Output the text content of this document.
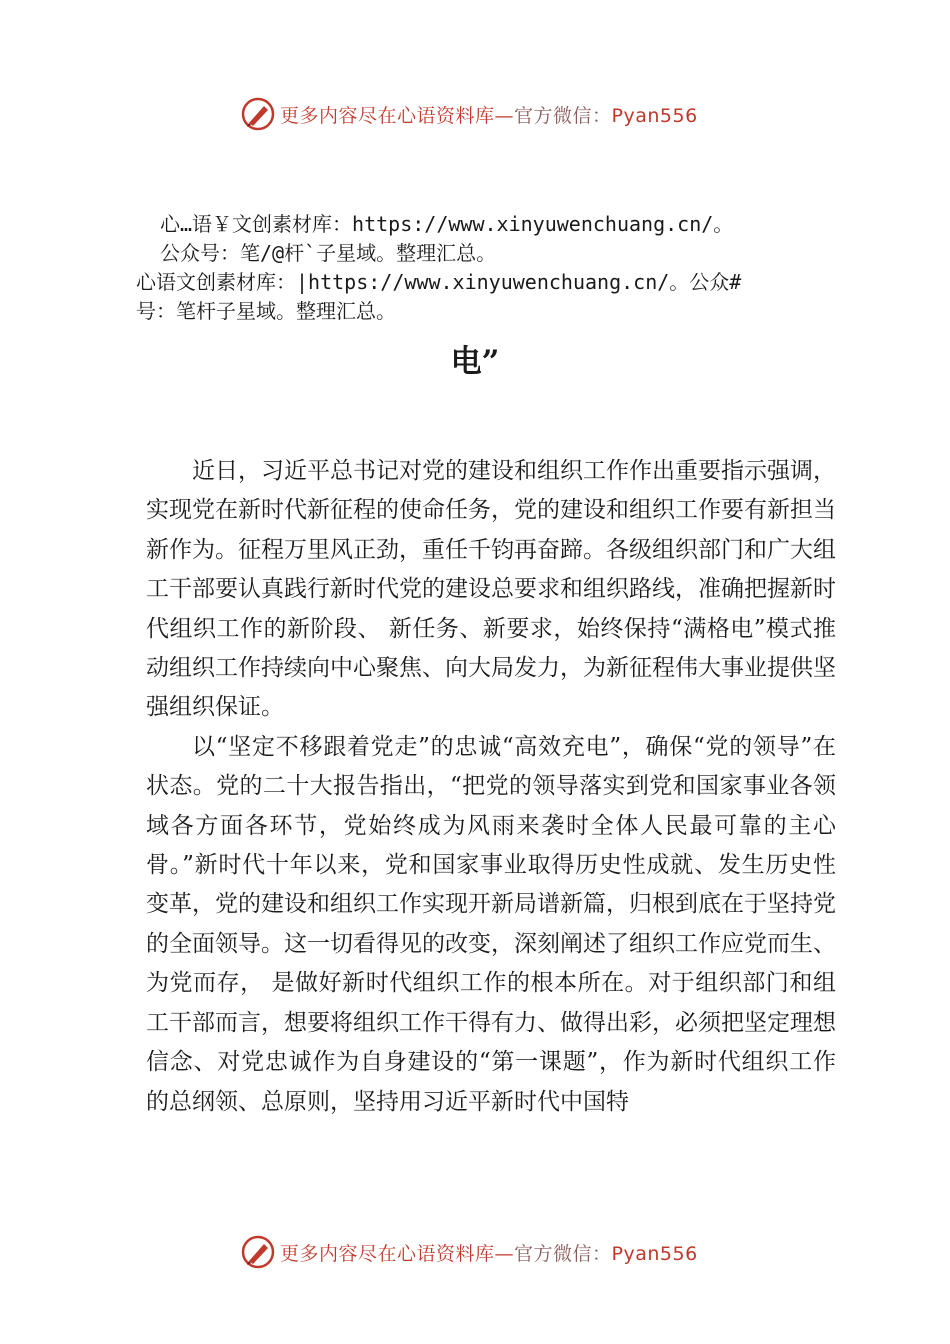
更多内容尽在心语资料库—官方微信：Pyan556
心…语￥文创素材库：https://www.xinyuwenchuang.cn/。
公众号：笔/@杆`子星域。整理汇总。
心语文创素材库：|https://www.xinyuwenchuang.cn/。公众#
号：笔杆子星域。整理汇总。
电”

近日，习近平总书记对党的建设和组织工作作出重要指示强调，实现党在新时代新征程的使命任务，党的建设和组织工作要有新担当新作为。征程万里风正劲，重任千钧再奋蹄。各级组织部门和广大组工干部要认真践行新时代党的建设总要求和组织路线，准确把握新时代组织工作的新阶段、 新任务、新要求，始终保持“满格电”模式推动组织工作持续向中心聚焦、向大局发力，为新征程伟大事业提供坚强组织保证。

以“坚定不移跟着党走”的忠诚“高效充电”，确保“党的领导”在状态。党的二十大报告指出，“把党的领导落实到党和国家事业各领域各方面各环节，党始终成为风雨来袭时全体人民最可靠的主心骨。”新时代十年以来，党和国家事业取得历史性成就、发生历史性变革，党的建设和组织工作实现开新局谱新篇，归根到底在于坚持党的全面领导。这一切看得见的改变，深刻阐述了组织工作应党而生、为党而存， 是做好新时代组织工作的根本所在。对于组织部门和组工干部而言，想要将组织工作干得有力、做得出彩，必须把坚定理想信念、对党忠诚作为自身建设的“第一课题”，作为新时代组织工作的总纲领、总原则，坚持用习近平新时代中国特

更多内容尽在心语资料库—官方微信：Pyan556
